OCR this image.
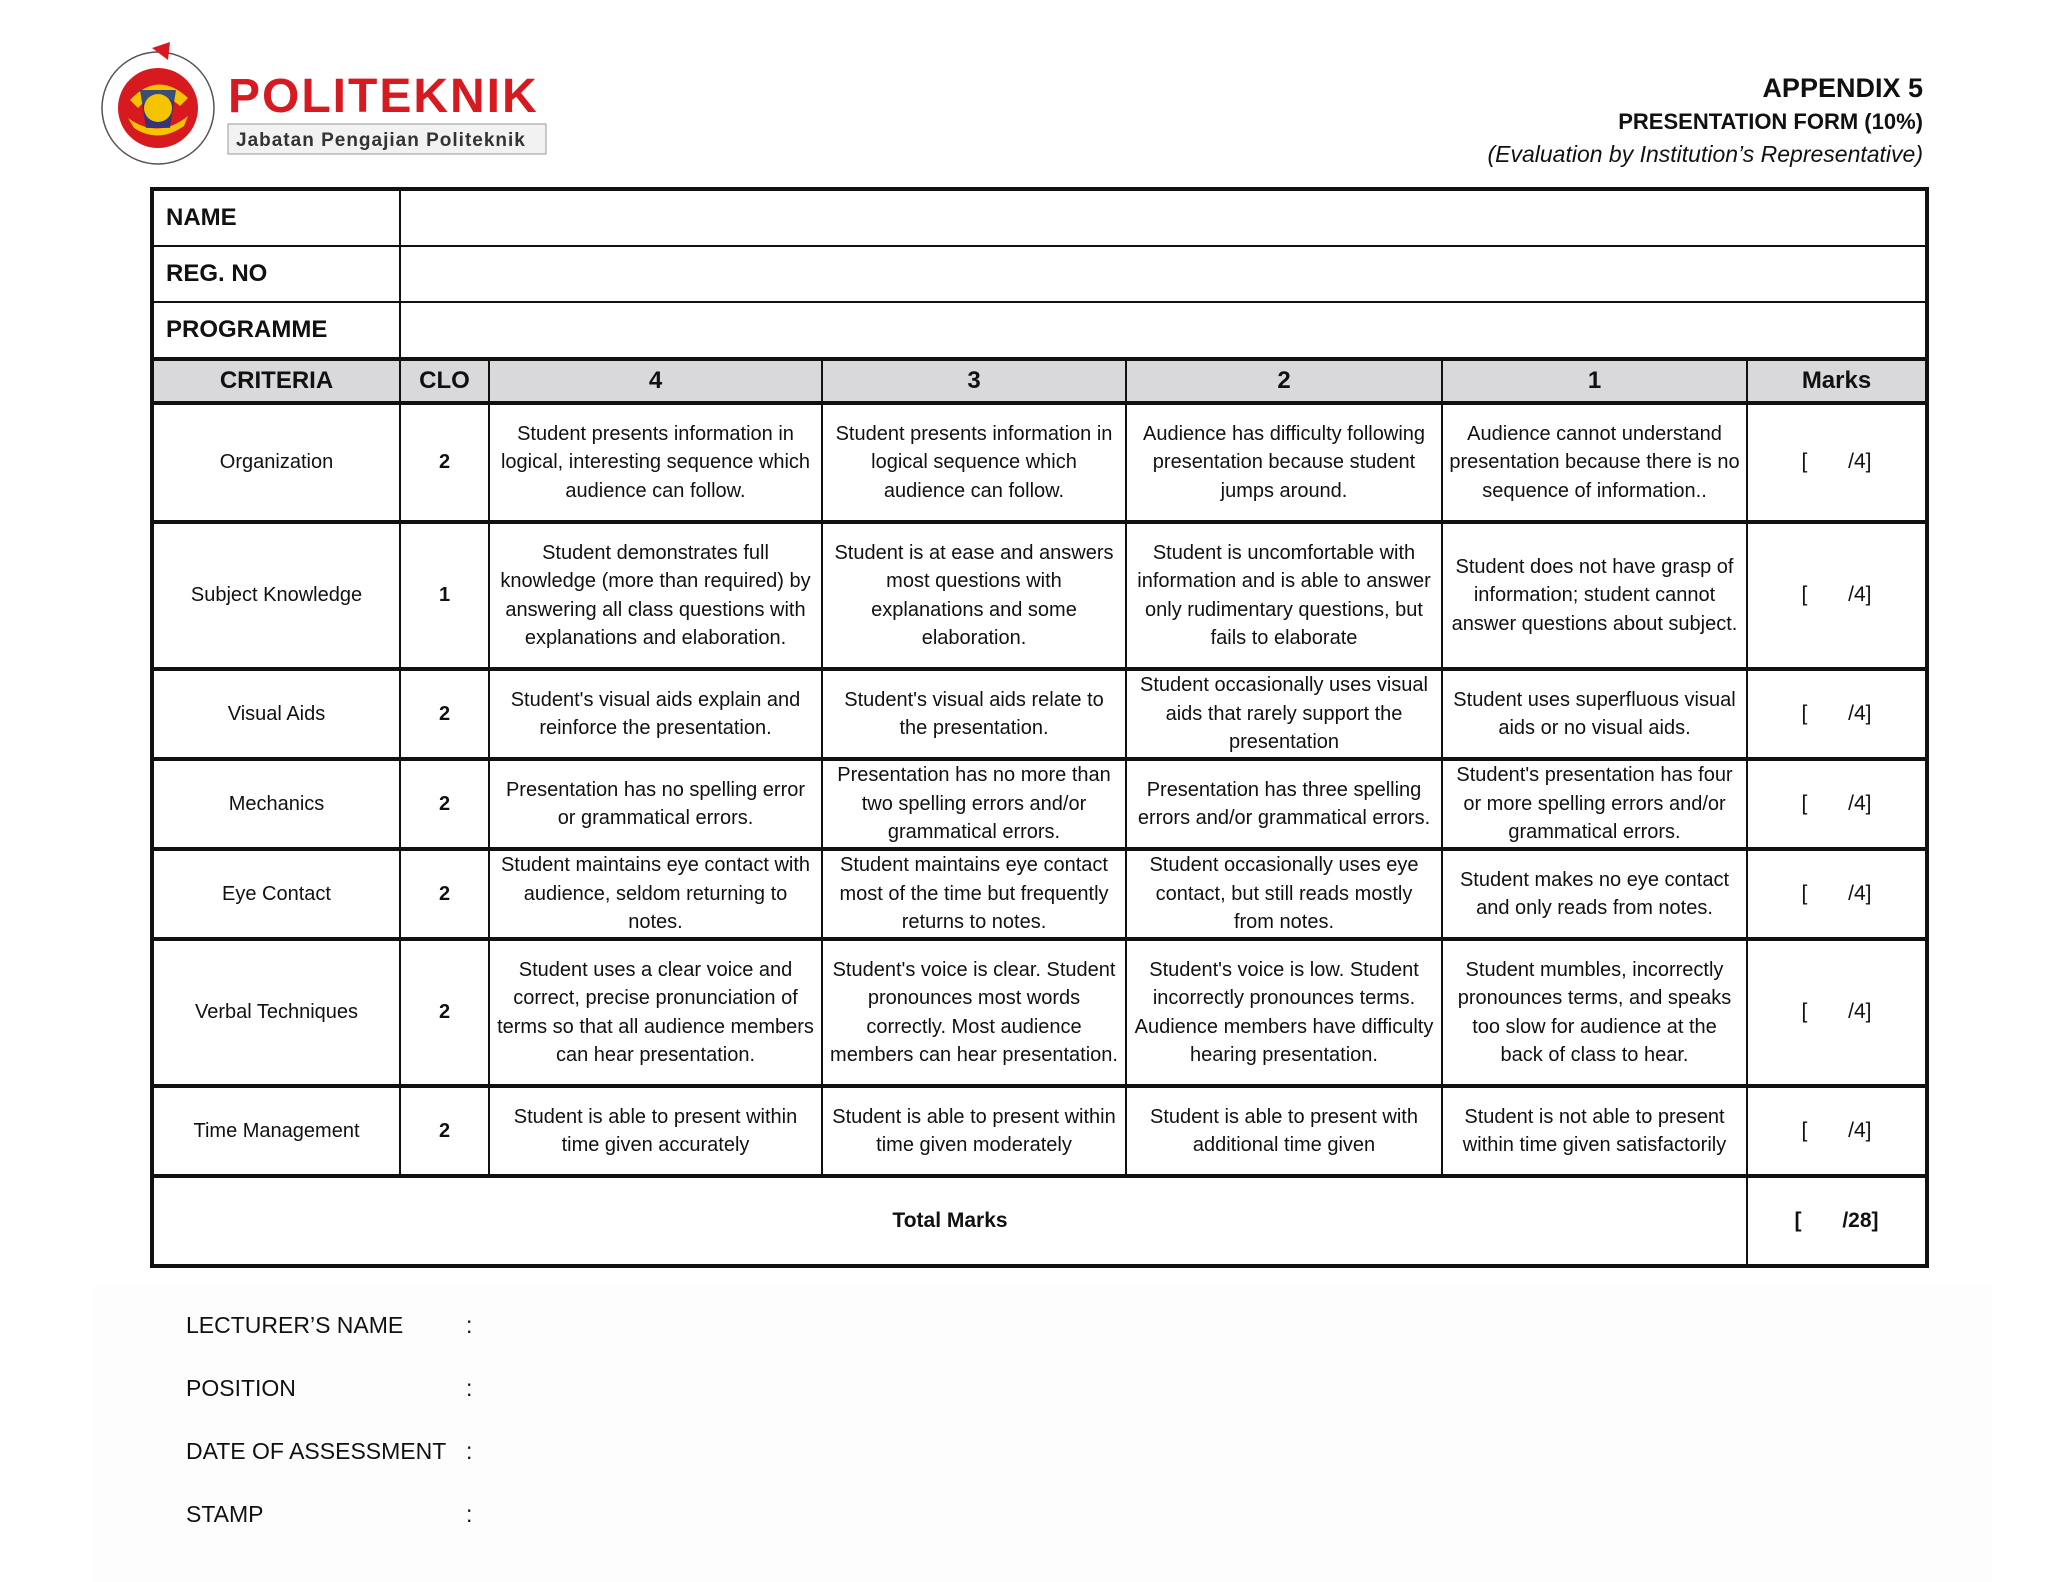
POLITEKNIK
Jabatan Pengajian Politeknik
APPENDIX 5
PRESENTATION FORM (10%)
(Evaluation by Institution’s Representative)
NAME						
REG. NO						
PROGRAMME						
CRITERIA	CLO	4	3	2	1	Marks
Organization	2	Student presents information in logical, interesting sequence which audience can follow.	Student presents information in logical sequence which audience can follow.	Audience has difficulty following presentation because student jumps around.	Audience cannot understand presentation because there is no sequence of information..	[       /4]
Subject Knowledge	1	Student demonstrates full knowledge (more than required) by answering all class questions with explanations and elaboration.	Student is at ease and answers most questions with explanations and some elaboration.	Student is uncomfortable with information and is able to answer only rudimentary questions, but fails to elaborate	Student does not have grasp of information; student cannot answer questions about subject.	[       /4]
Visual Aids	2	Student's visual aids explain and reinforce the presentation.	Student's visual aids relate to the presentation.	Student occasionally uses visual aids that rarely support the presentation	Student uses superfluous visual aids or no visual aids.	[       /4]
Mechanics	2	Presentation has no spelling error or grammatical errors.	Presentation has no more than two spelling errors and/or grammatical errors.	Presentation has three spelling errors and/or grammatical errors.	Student's presentation has four or more spelling errors and/or grammatical errors.	[       /4]
Eye Contact	2	Student maintains eye contact with audience, seldom returning to notes.	Student maintains eye contact most of the time but frequently returns to notes.	Student occasionally uses eye contact, but still reads mostly from notes.	Student makes no eye contact and only reads from notes.	[       /4]
Verbal Techniques	2	Student uses a clear voice and correct, precise pronunciation of terms so that all audience members can hear presentation.	Student's voice is clear. Student pronounces most words correctly. Most audience members can hear presentation.	Student's voice is low. Student incorrectly pronounces terms. Audience members have difficulty hearing presentation.	Student mumbles, incorrectly pronounces terms, and speaks too slow for audience at the back of class to hear.	[       /4]
Time Management	2	Student is able to present within time given accurately	Student is able to present within time given moderately	Student is able to present with additional time given	Student is not able to present within time given satisfactorily	[       /4]
Total Marks						[       /28]
LECTURER’S NAME	:
POSITION	:
DATE OF ASSESSMENT :
STAMP	:
